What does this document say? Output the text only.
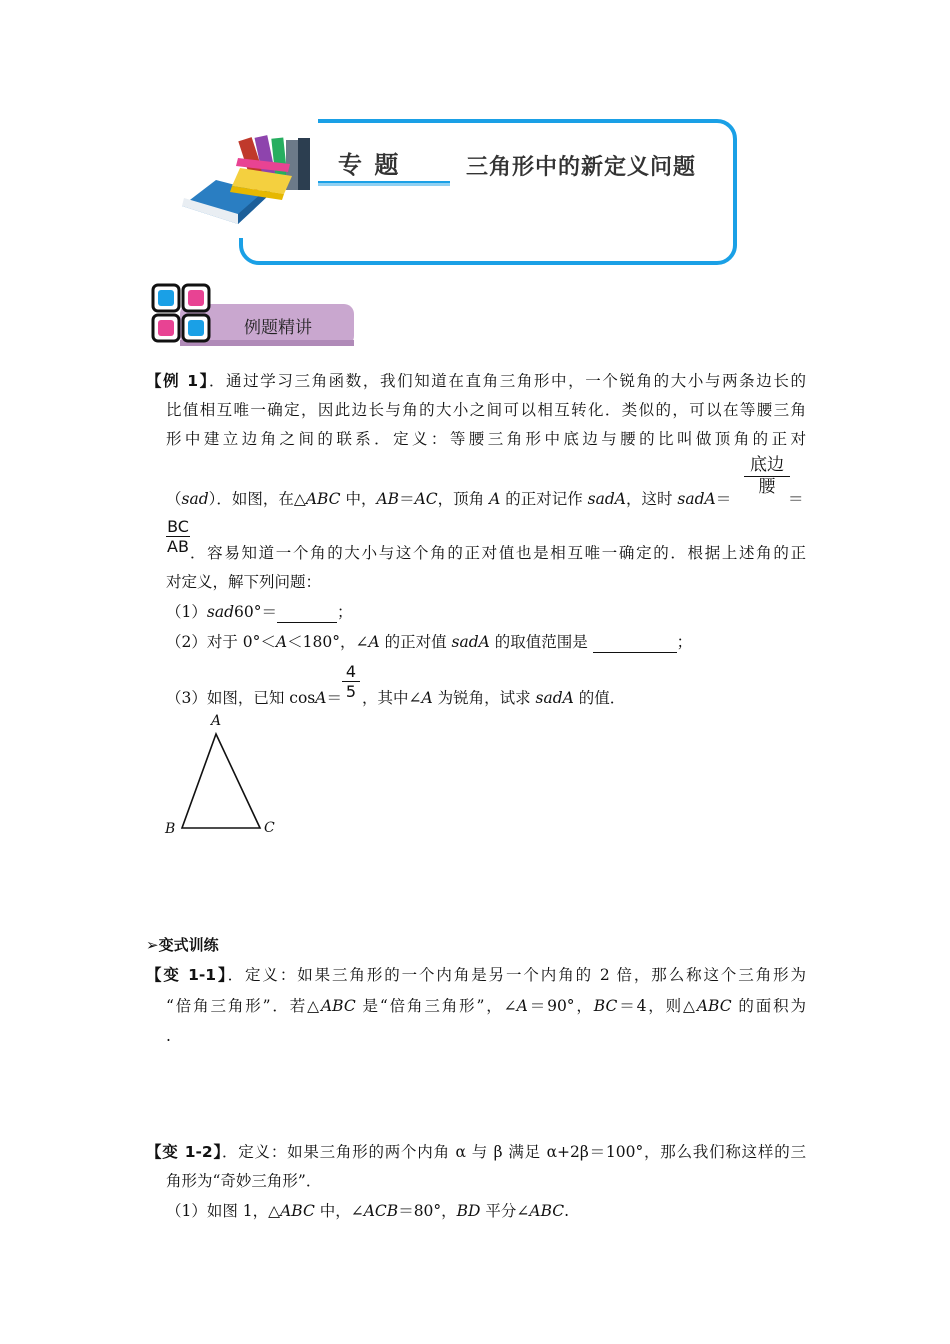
专 题	三角形中的新定义问题
例题精讲
【例 1】．通过学习三角函数，我们知道在直角三角形中，一个锐角的大小与两条边长的
比值相互唯一确定，因此边长与角的大小之间可以相互转化．类似的，可以在等腰三角
形中建立边角之间的联系．定义：等腰三角形中底边与腰的比叫做顶角的正对
（sad）．如图，在△ABC 中，AB＝AC，顶角 A 的正对记作 sadA，这时 sadA＝
底边
腰
＝
BC
AB ．容易知道一个角的大小与这个角的正对值也是相互唯一确定的．根据上述角的正
对定义，解下列问题：
（1）sad60°＝	；
（2）对于 0°＜A＜180°，∠A 的正对值 sadA 的取值范围是	；
（3）如图，已知 cosA＝ ，其中∠A 为锐角，试求 sadA 的值．
4
5
A
B	C
➢变式训练
【变 1-1】．定义：如果三角形的一个内角是另一个内角的 2 倍，那么称这个三角形为
“倍角三角形”．若△ABC 是“倍角三角形”，∠A＝90°，BC＝4，则△ABC 的面积为
.
【变 1-2】．定义：如果三角形的两个内角 α 与 β 满足 α+2β＝100°，那么我们称这样的三
角形为“奇妙三角形”．
（1）如图 1，△ABC 中，∠ACB＝80°，BD 平分∠ABC.
